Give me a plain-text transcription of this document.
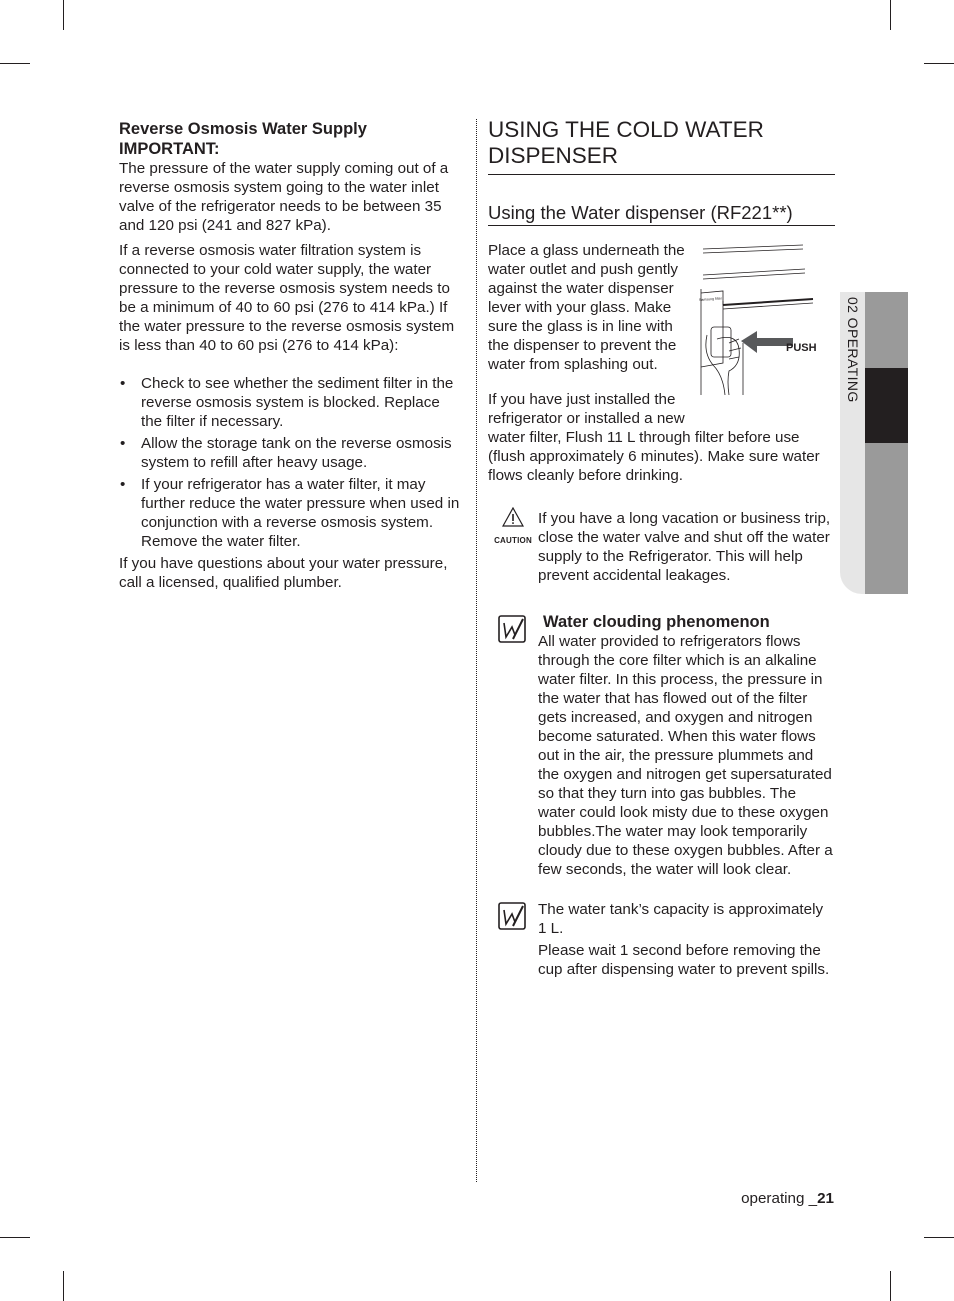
Reverse Osmosis Water Supply

IMPORTANT:

The pressure of the water supply coming out of a reverse osmosis system going to the water inlet valve of the refrigerator needs to be between 35 and 120 psi (241 and 827 kPa).

If a reverse osmosis water filtration system is connected to your cold water supply, the water pressure to the reverse osmosis system needs to be a minimum of 40 to 60 psi (276 to 414 kPa.) If the water pressure to the reverse osmosis system is less than 40 to 60 psi (276 to 414 kPa):

• Check to see whether the sediment filter in the reverse osmosis system is blocked. Replace the filter if necessary.
• Allow the storage tank on the reverse osmosis system to refill after heavy usage.
• If your refrigerator has a water filter, it may further reduce the water pressure when used in conjunction with a reverse osmosis system. Remove the water filter.

If you have questions about your water pressure, call a licensed, qualified plumber.

USING THE COLD WATER DISPENSER
Using the Water dispenser (RF221**)

Place a glass underneath the water outlet and push gently against the water dispenser lever with your glass. Make sure the glass is in line with the dispenser to prevent the water from splashing out.

Samsung filter
PUSH

If you have just installed the refrigerator or installed a new

water filter, Flush 11 L through filter before use (flush approximately 6 minutes). Make sure water flows cleanly before drinking.

CAUTION

If you have a long vacation or business trip, close the water valve and shut off the water supply to the Refrigerator. This will help prevent accidental leakages.

Water clouding phenomenon

All water provided to refrigerators flows through the core filter which is an alkaline water filter. In this process, the pressure in the water that has flowed out of the filter gets increased, and oxygen and nitrogen become saturated. When this water flows out in the air, the pressure plummets and the oxygen and nitrogen get supersaturated so that they turn into gas bubbles. The water could look misty due to these oxygen bubbles.The water may look temporarily cloudy due to these oxygen bubbles. After a few seconds, the water will look clear.

The water tank’s capacity is approximately 1 L.

Please wait 1 second before removing the cup after dispensing water to prevent spills.

02 OPERATING
operating _21
